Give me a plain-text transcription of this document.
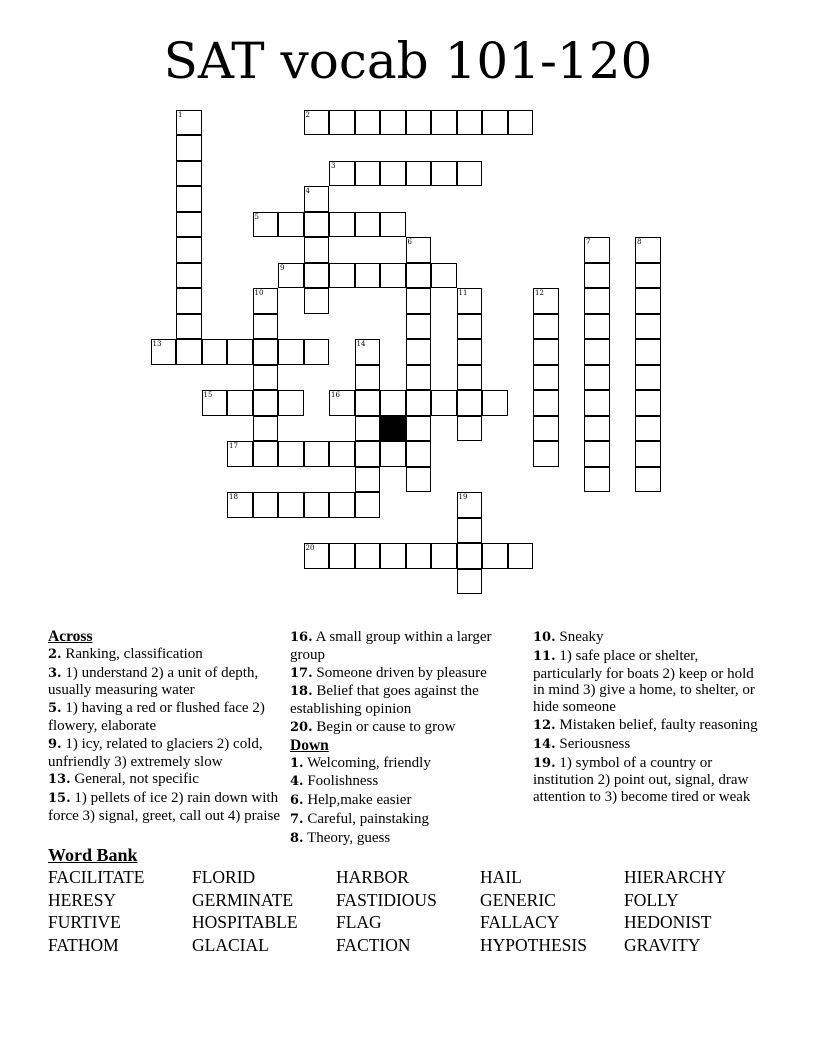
SAT vocab 101-120
1	2
3
4
5
6	7	8
9
10	11	12
13	14
15	16
17
18	19
20
Across
2. Ranking, classification
3. 1) understand 2) a unit of depth, usually measuring water
5. 1) having a red or flushed face 2) flowery, elaborate
9. 1) icy, related to glaciers 2) cold, unfriendly 3) extremely slow
13. General, not specific
15. 1) pellets of ice 2) rain down with force 3) signal, greet, call out 4) praise
16. A small group within a larger group
17. Someone driven by pleasure
18. Belief that goes against the establishing opinion
20. Begin or cause to grow
Down
1. Welcoming, friendly
4. Foolishness
6. Help,make easier
7. Careful, painstaking
8. Theory, guess
10. Sneaky
11. 1) safe place or shelter, particularly for boats 2) keep or hold in mind 3) give a home, to shelter, or hide someone
12. Mistaken belief, faulty reasoning
14. Seriousness
19. 1) symbol of a country or institution 2) point out, signal, draw attention to 3) become tired or weak
Word Bank
FACILITATE	FLORID	HARBOR	HAIL	HIERARCHY
HERESY	GERMINATE	FASTIDIOUS	GENERIC	FOLLY
FURTIVE	HOSPITABLE	FLAG	FALLACY	HEDONIST
FATHOM	GLACIAL	FACTION	HYPOTHESIS	GRAVITY
